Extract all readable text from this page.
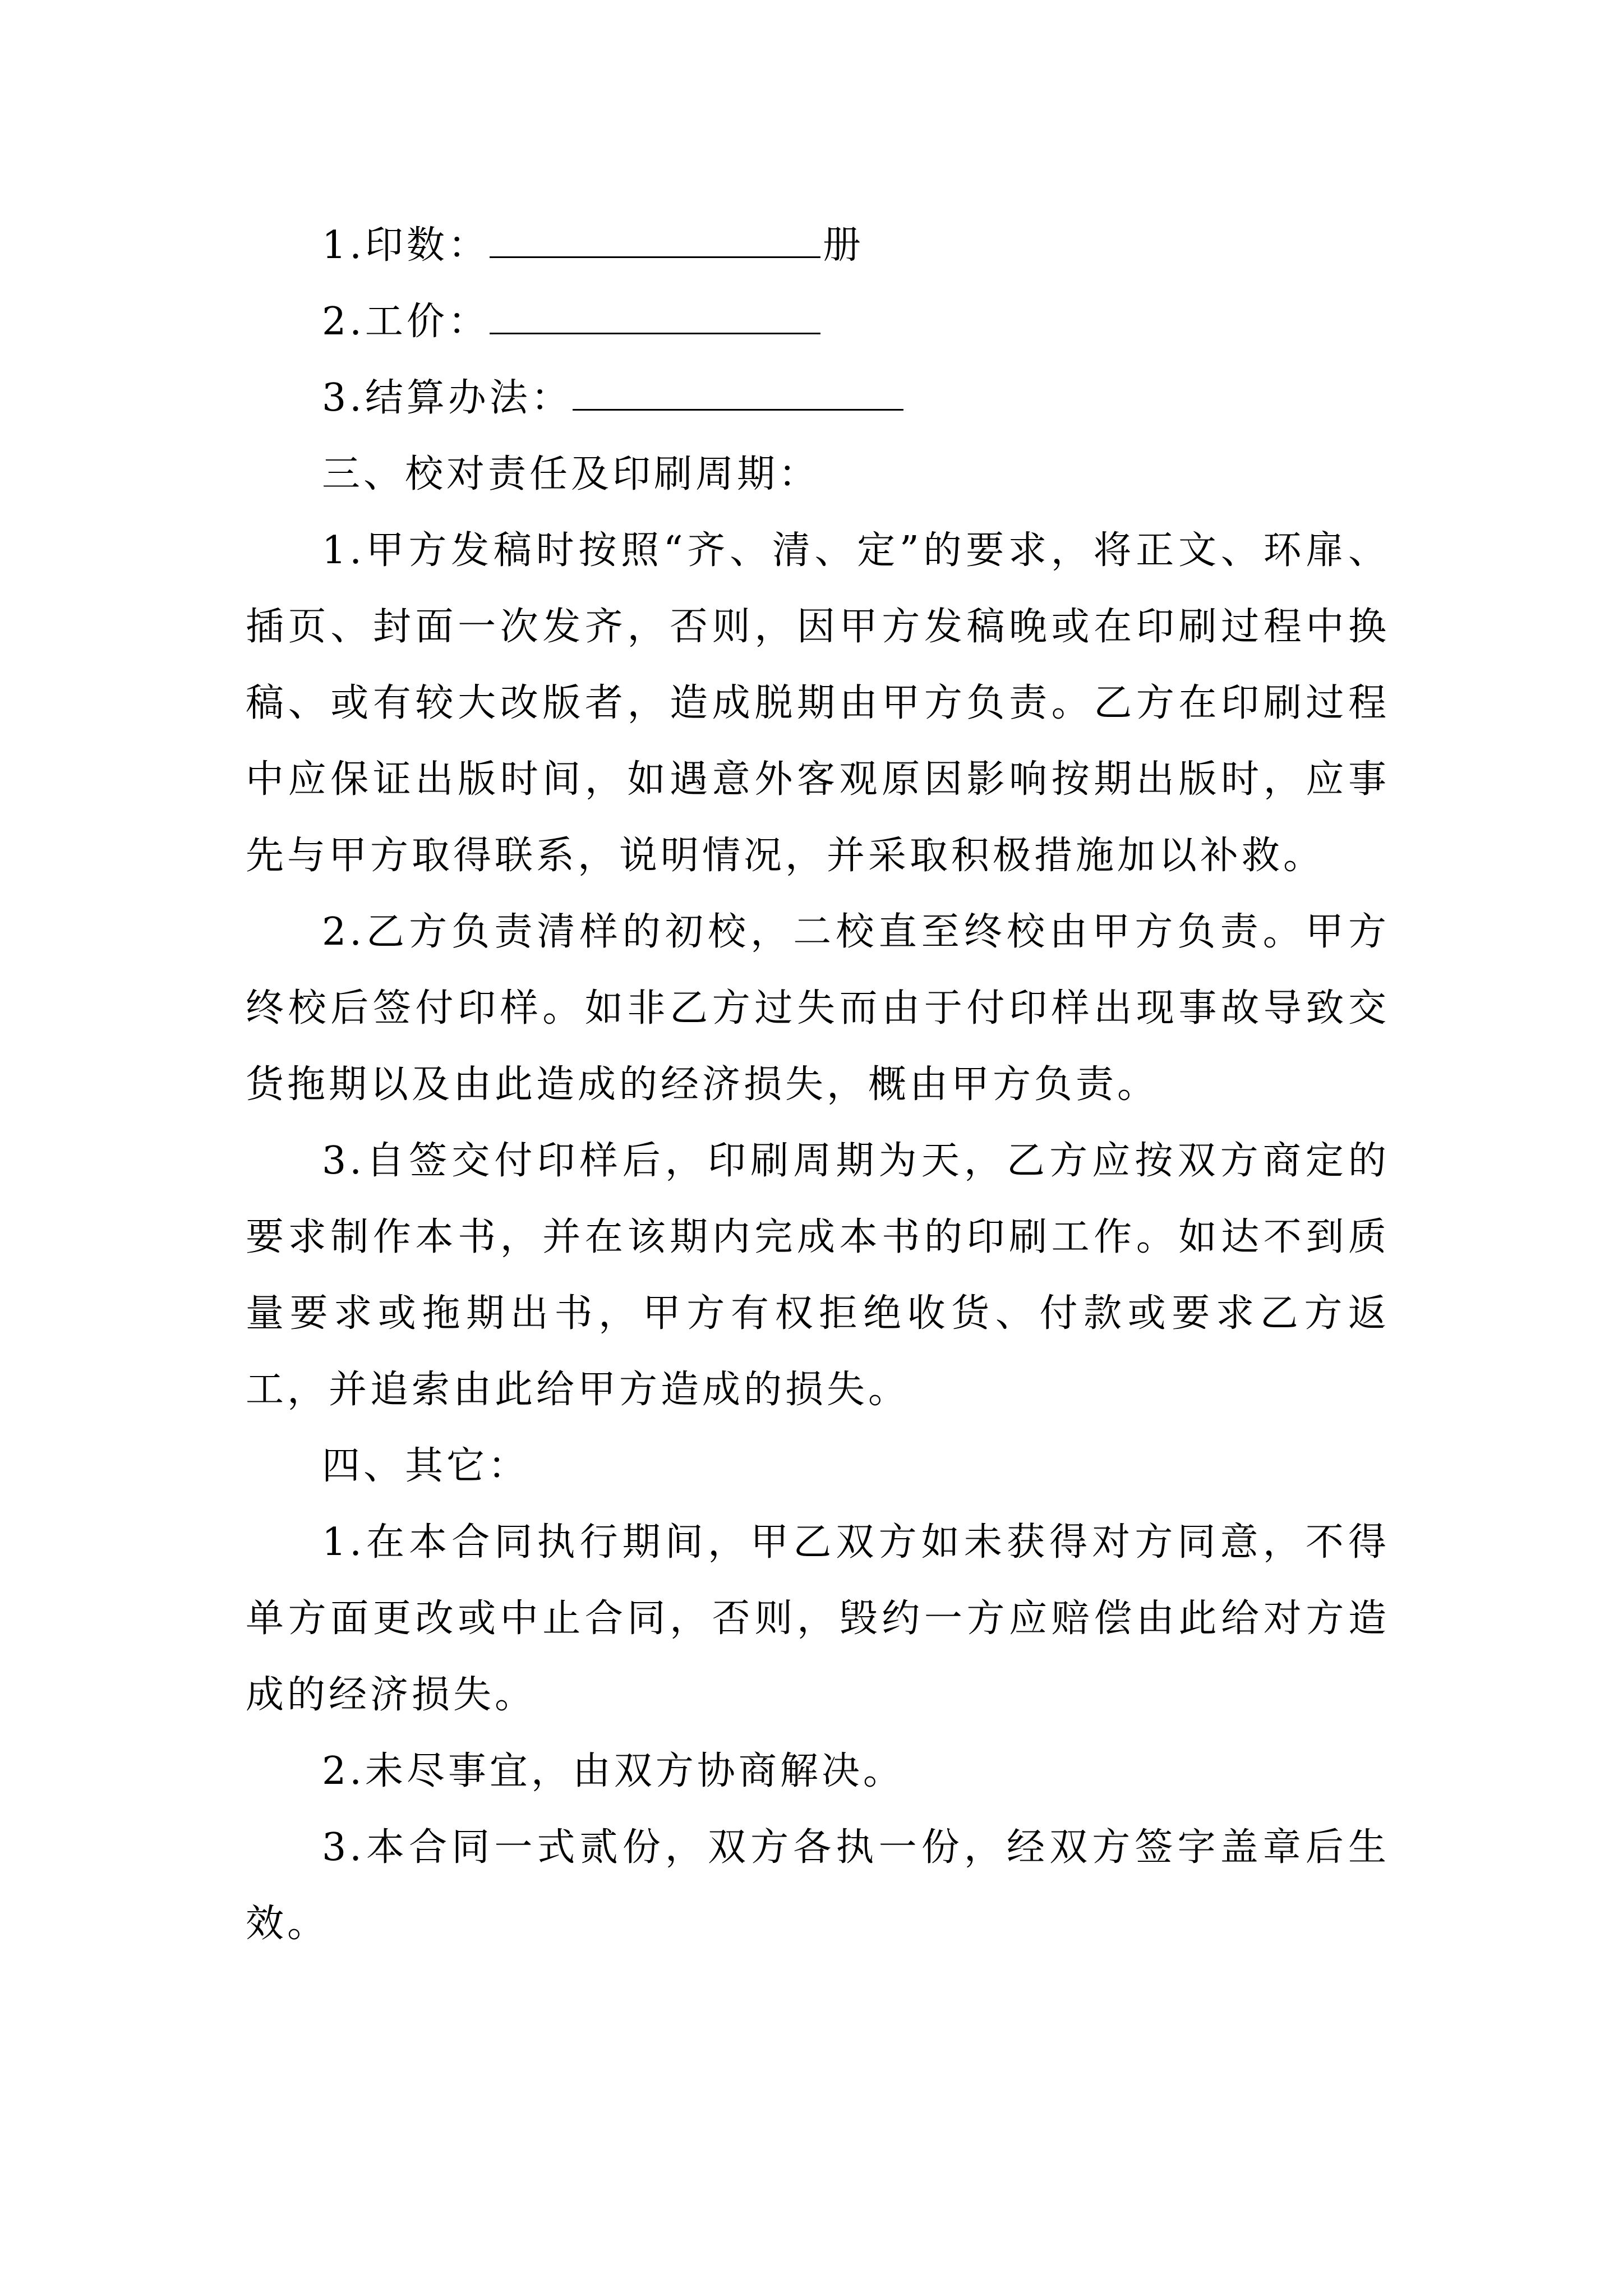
1.印数：	册

2.工价：

3.结算办法：

三、校对责任及印刷周期：

1.甲方发稿时按照“齐、清、定”的要求，将正文、环扉、插页、封面一次发齐，否则，因甲方发稿晚或在印刷过程中换稿、或有较大改版者，造成脱期由甲方负责。乙方在印刷过程中应保证出版时间，如遇意外客观原因影响按期出版时，应事先与甲方取得联系，说明情况，并采取积极措施加以补救。

2.乙方负责清样的初校，二校直至终校由甲方负责。甲方终校后签付印样。如非乙方过失而由于付印样出现事故导致交货拖期以及由此造成的经济损失，概由甲方负责。

3.自签交付印样后，印刷周期为天，乙方应按双方商定的要求制作本书，并在该期内完成本书的印刷工作。如达不到质量要求或拖期出书，甲方有权拒绝收货、付款或要求乙方返工，并追索由此给甲方造成的损失。

四、其它：

1.在本合同执行期间，甲乙双方如未获得对方同意，不得单方面更改或中止合同，否则，毁约一方应赔偿由此给对方造成的经济损失。

2.未尽事宜，由双方协商解决。

3.本合同一式贰份，双方各执一份，经双方签字盖章后生效。
